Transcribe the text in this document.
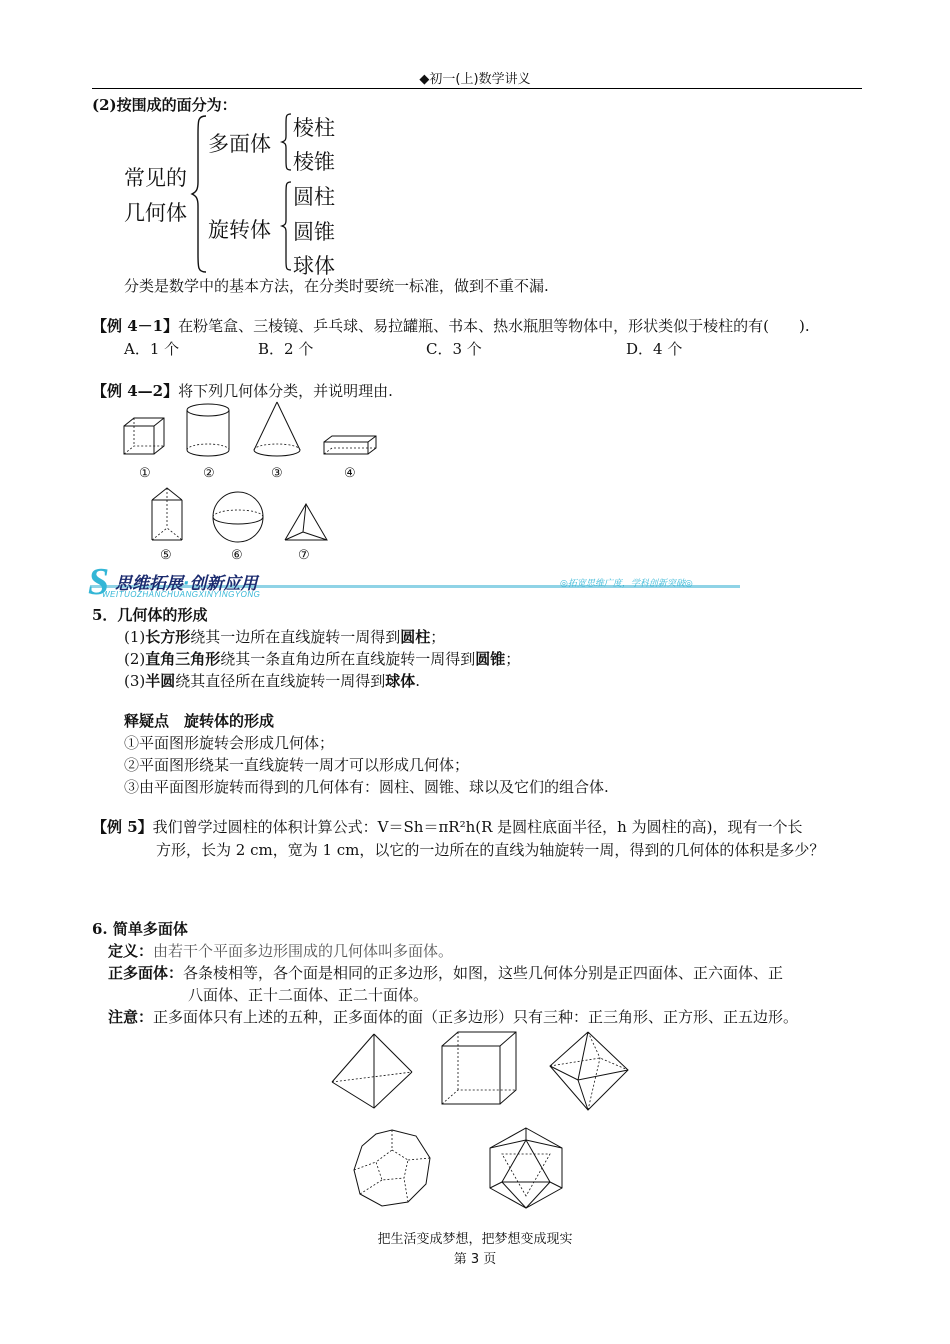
◆初一(上)数学讲义
(2)按围成的面分为：
常见的
几何体
多面体
旋转体
棱柱
棱锥
圆柱
圆锥
球体
分类是数学中的基本方法，在分类时要统一标准，做到不重不漏.
【例 4－1】在粉笔盒、三棱镜、乒乓球、易拉罐瓶、书本、热水瓶胆等物体中，形状类似于棱柱的有(　　).
A．1 个	B．2 个	C．3 个	D．4 个
【例 4—2】将下列几何体分类，并说明理由.
①	②	③	④
⑤	⑥	⑦
S 思维拓展·创新应用
WEITUOZHANCHUANGXINYINGYONG
◎拓宽思维广度，学科创新突破◎
5．几何体的形成
(1)长方形绕其一边所在直线旋转一周得到圆柱；
(2)直角三角形绕其一条直角边所在直线旋转一周得到圆锥；
(3)半圆绕其直径所在直线旋转一周得到球体.
释疑点　旋转体的形成
①平面图形旋转会形成几何体；
②平面图形绕某一直线旋转一周才可以形成几何体；
③由平面图形旋转而得到的几何体有：圆柱、圆锥、球以及它们的组合体.
【例 5】我们曾学过圆柱的体积计算公式：V＝Sh＝πR²h(R 是圆柱底面半径，h 为圆柱的高)，现有一个长
方形，长为 2 cm，宽为 1 cm，以它的一边所在的直线为轴旋转一周，得到的几何体的体积是多少？
6. 简单多面体
定义：由若干个平面多边形围成的几何体叫多面体。
正多面体：各条棱相等，各个面是相同的正多边形，如图，这些几何体分别是正四面体、正六面体、正
八面体、正十二面体、正二十面体。
注意：正多面体只有上述的五种，正多面体的面（正多边形）只有三种：正三角形、正方形、正五边形。
把生活变成梦想，把梦想变成现实
第 3 页
